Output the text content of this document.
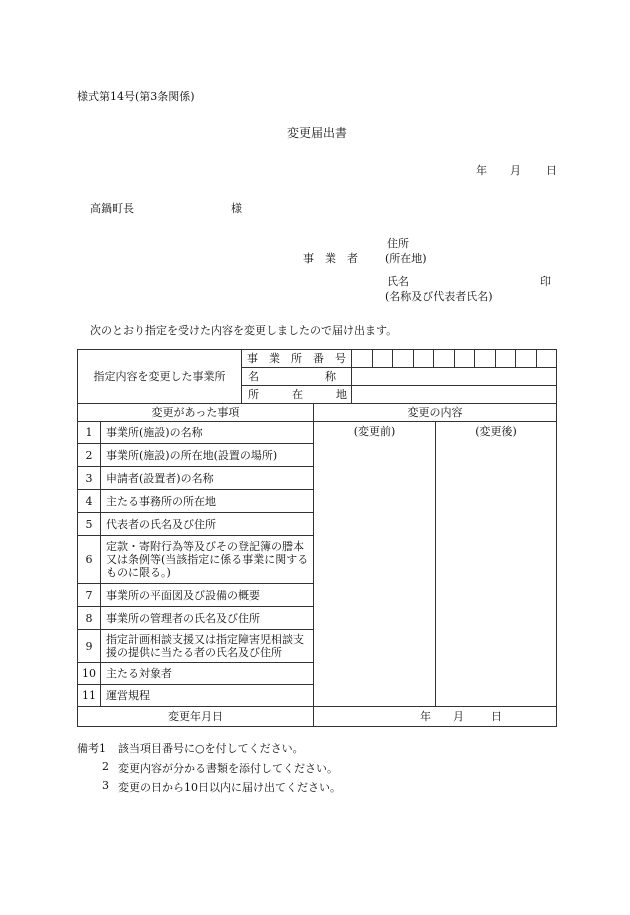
様式第14号(第3条関係)
変更届出書
年 月 日
高鍋町長	様
住所
(所在地)
事　業　者
氏名	印
(名称及び代表者氏名)
次のとおり指定を受けた内容を変更しましたので届け出ます。
指定内容を変更した事業所		事　業　所　番　号			

		名　　　　　　称			
		所　　　在　　　地			
変更があった事項			変更の内容		
1	事業所(施設)の名称		(変更前)		(変更後)
2	事業所(施設)の所在地(設置の場所)				
3	申請者(設置者)の名称				
4	主たる事務所の所在地				
5	代表者の氏名及び住所				
6	定款・寄附行為等及びその登記簿の謄本又は条例等(当該指定に係る事業に関するものに限る。)				
7	事業所の平面図及び設備の概要				
8	事業所の管理者の氏名及び住所				
9	指定計画相談支援又は指定障害児相談支援の提供に当たる者の氏名及び住所				
10	主たる対象者				
11	運営規程				
変更年月日			年 月 日		
備考1 該当項目番号に○を付してください。
2 変更内容が分かる書類を添付してください。
3 変更の日から10日以内に届け出てください。
